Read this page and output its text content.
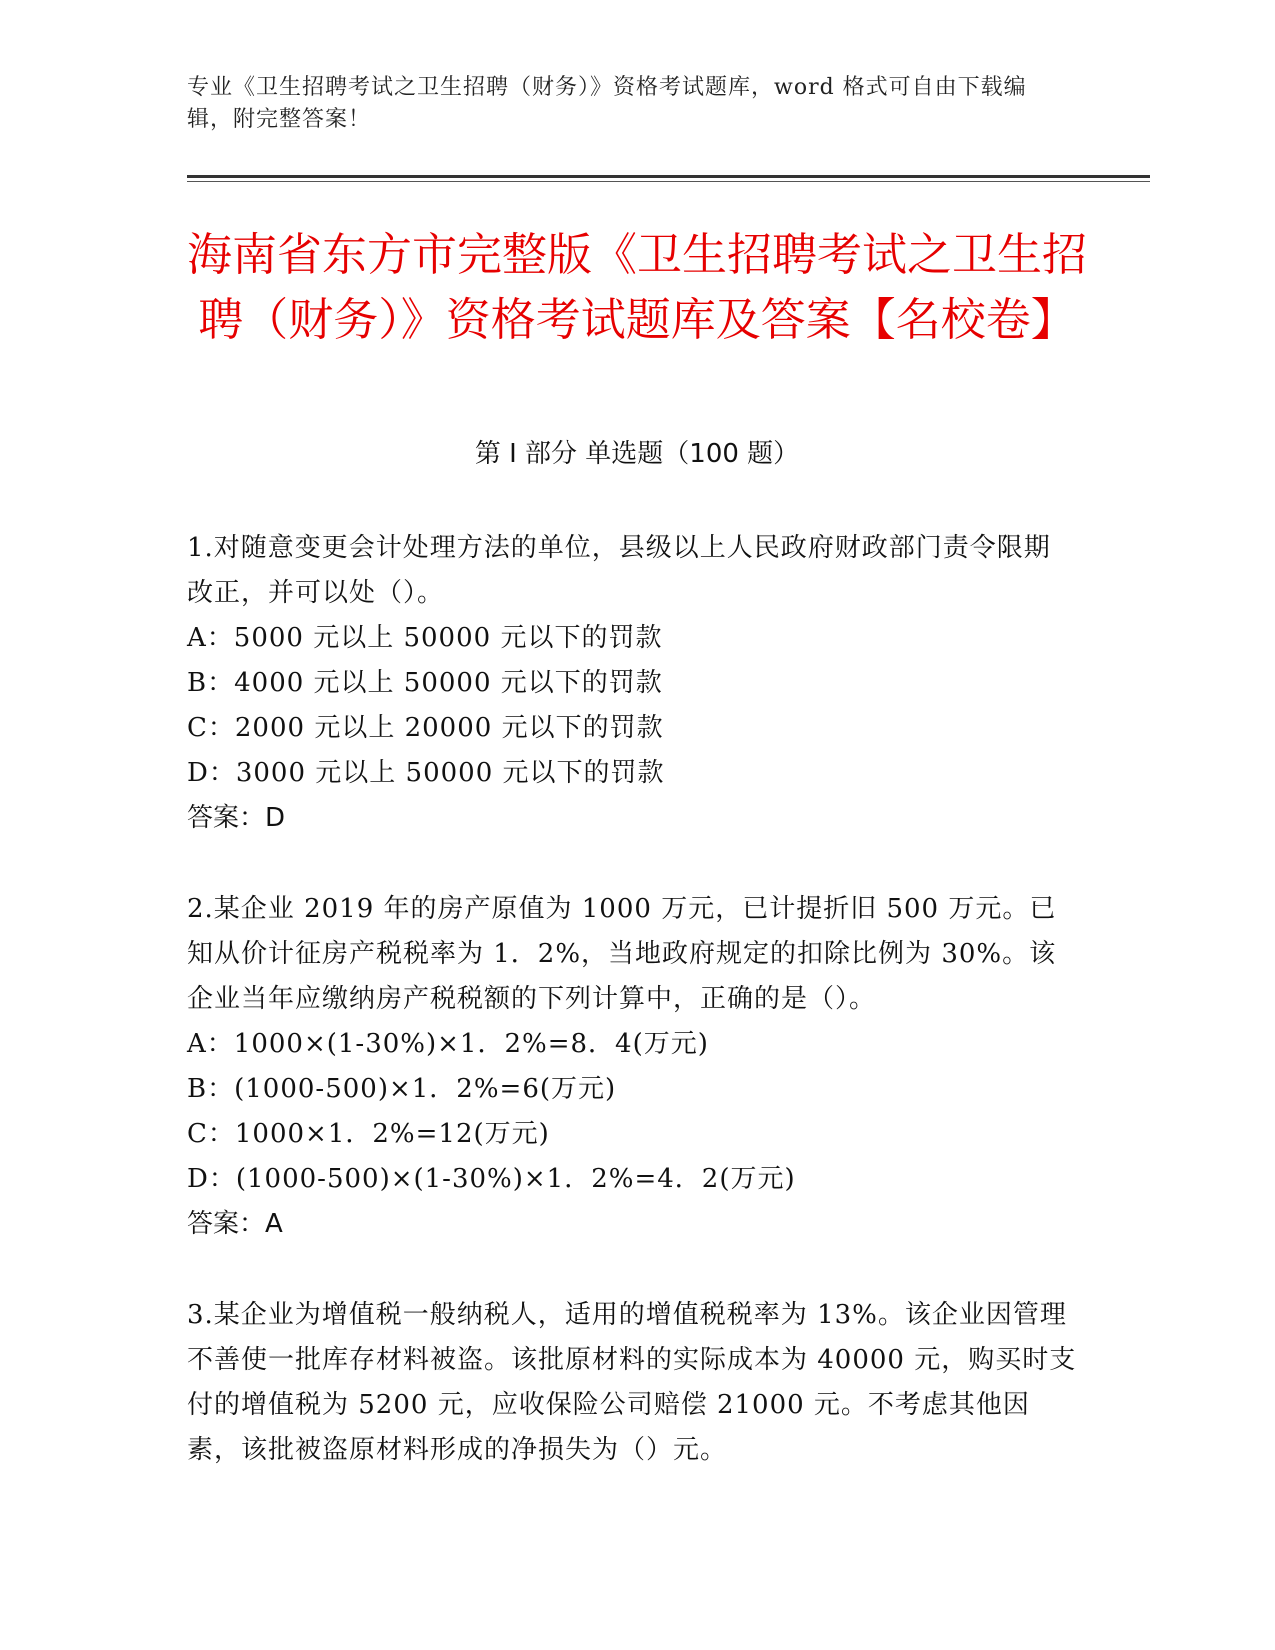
专业《卫生招聘考试之卫生招聘（财务）》资格考试题库，word 格式可自由下载编辑，附完整答案！
海南省东方市完整版《卫生招聘考试之卫生招聘（财务）》资格考试题库及答案【名校卷】
第 I 部分 单选题（100 题）

1.对随意变更会计处理方法的单位，县级以上人民政府财政部门责令限期改正，并可以处（）。

A：5000 元以上 50000 元以下的罚款

B：4000 元以上 50000 元以下的罚款

C：2000 元以上 20000 元以下的罚款

D：3000 元以上 50000 元以下的罚款

答案：D

2.某企业 2019 年的房产原值为 1000 万元，已计提折旧 500 万元。已知从价计征房产税税率为 1．2%，当地政府规定的扣除比例为 30%。该企业当年应缴纳房产税税额的下列计算中，正确的是（）。

A：1000×(1-30%)×1．2%=8．4(万元)

B：(1000-500)×1．2%=6(万元)

C：1000×1．2%=12(万元)

D：(1000-500)×(1-30%)×1．2%=4．2(万元)

答案：A

3.某企业为增值税一般纳税人，适用的增值税税率为 13%。该企业因管理不善使一批库存材料被盗。该批原材料的实际成本为 40000 元，购买时支付的增值税为 5200 元，应收保险公司赔偿 21000 元。不考虑其他因素，该批被盗原材料形成的净损失为（）元。
